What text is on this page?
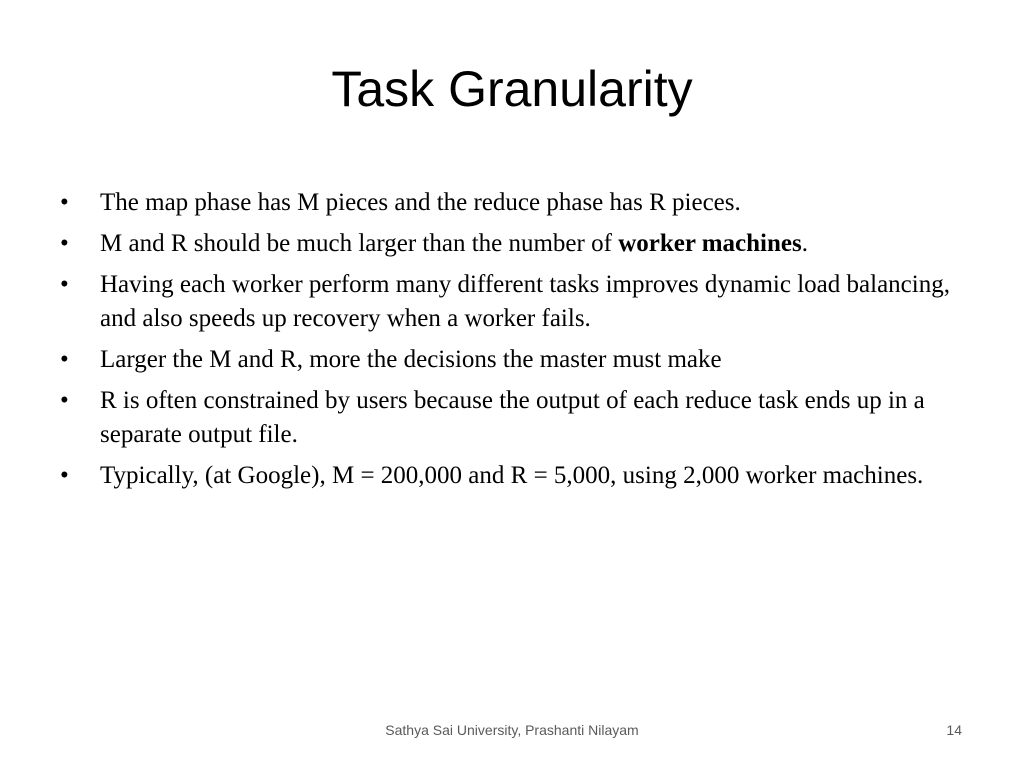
Task Granularity
•	The map phase has M pieces and the reduce phase has R pieces.
•	M and R should be much larger than the number of worker machines.
•	Having each worker perform many different tasks improves dynamic load balancing, and also speeds up recovery when a worker fails.
•	Larger the M and R, more the decisions the master must make
•	R is often constrained by users because the output of each reduce task ends up in a separate output file.
•	Typically, (at Google), M = 200,000 and R = 5,000, using 2,000 worker machines.
Sathya Sai University, Prashanti Nilayam	14
